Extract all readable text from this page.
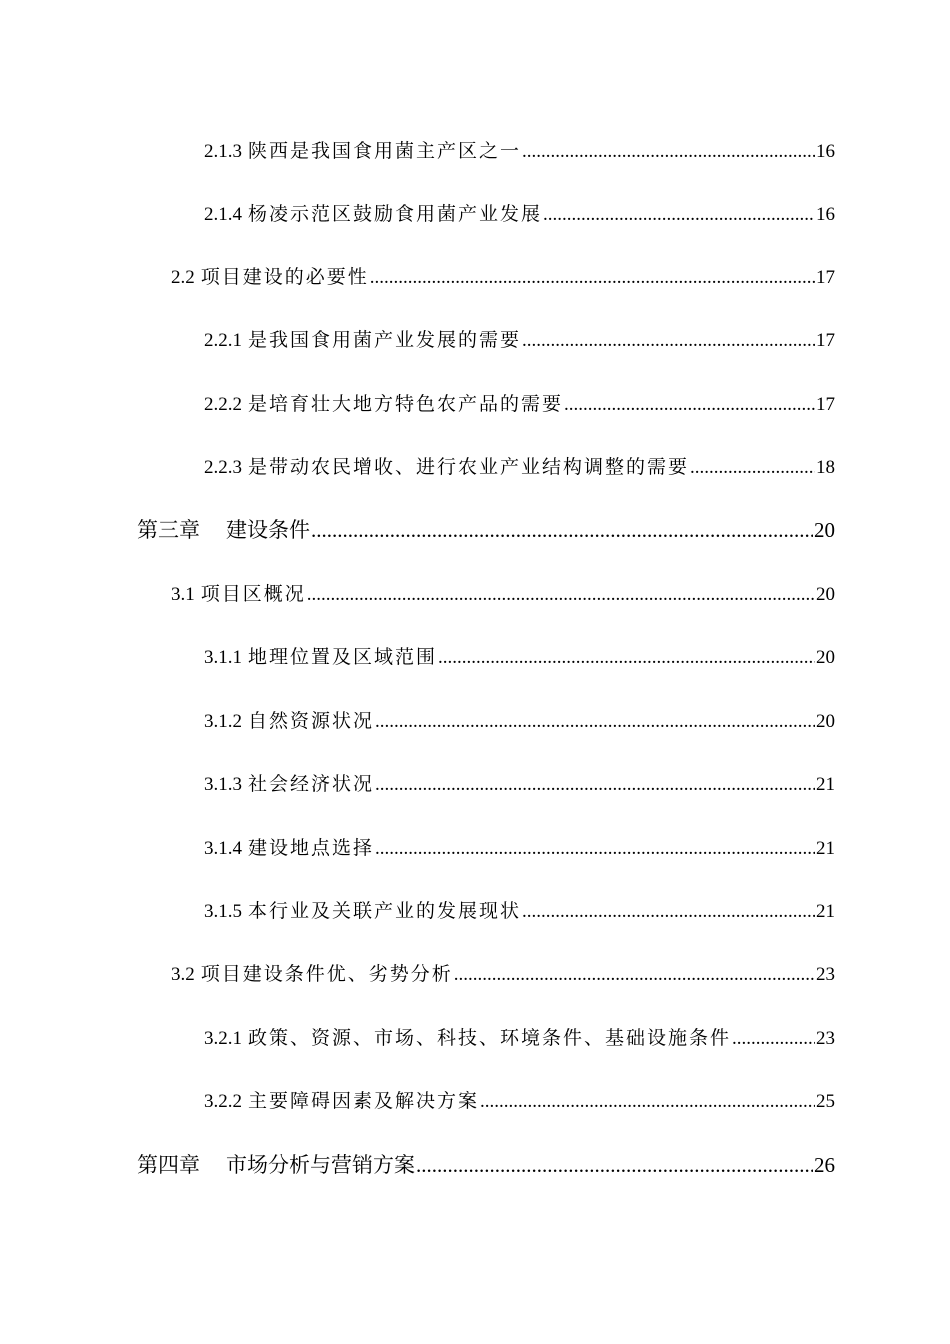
2.1.3 陕西是我国食用菌主产区之一 .....	16
2.1.4 杨凌示范区鼓励食用菌产业发展 .....	16
2.2 项目建设的必要性 .....	17
2.2.1 是我国食用菌产业发展的需要 .....	17
2.2.2 是培育壮大地方特色农产品的需要 .....	17
2.2.3 是带动农民增收、进行农业产业结构调整的需要 .....	18
第三章 建设条件 .....	20
3.1 项目区概况 .....	20
3.1.1 地理位置及区域范围 .....	20
3.1.2 自然资源状况 .....	20
3.1.3 社会经济状况 .....	21
3.1.4 建设地点选择 .....	21
3.1.5 本行业及关联产业的发展现状 .....	21
3.2 项目建设条件优、劣势分析 .....	23
3.2.1 政策、资源、市场、科技、环境条件、基础设施条件 .....	23
3.2.2 主要障碍因素及解决方案 .....	25
第四章 市场分析与营销方案 .....	26
